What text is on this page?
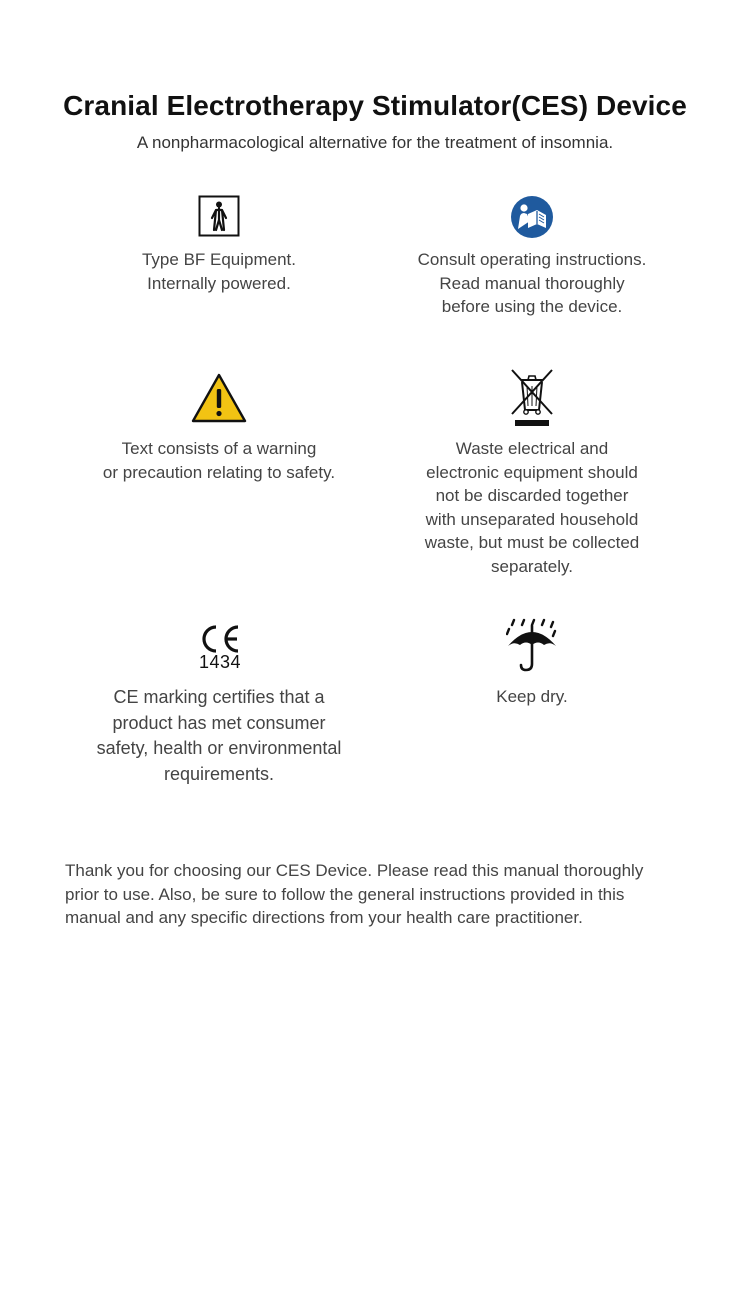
Cranial Electrotherapy Stimulator(CES) Device
A nonpharmacological alternative for the treatment of insomnia.
Type BF Equipment.
Internally powered.
Consult operating instructions.
Read manual thoroughly
before using the device.
Text consists of a warning
or precaution relating to safety.
Waste electrical and
electronic equipment should
not be discarded together
with unseparated household
waste, but must be collected
separately.
1434
CE marking certifies that a
product has met consumer
safety, health or environmental
requirements.
Keep dry.
Thank you for choosing our CES Device. Please read this manual thoroughly
prior to use. Also, be sure to follow the general instructions provided in this
manual and any specific directions from your health care practitioner.
